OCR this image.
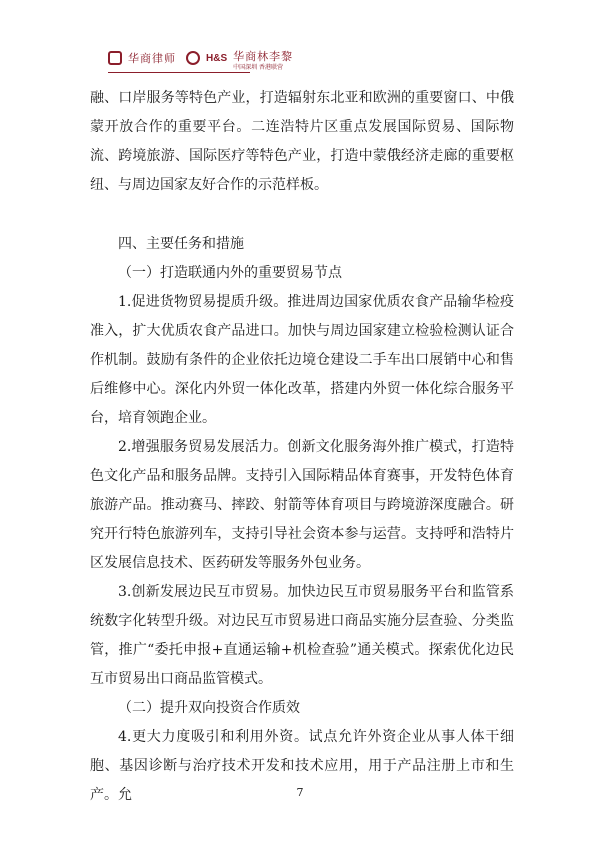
华商律师	H&S 华商林李黎
中国深圳 香港联营

融、口岸服务等特色产业，打造辐射东北亚和欧洲的重要窗口、中俄蒙开放合作的重要平台。二连浩特片区重点发展国际贸易、国际物流、跨境旅游、国际医疗等特色产业，打造中蒙俄经济走廊的重要枢纽、与周边国家友好合作的示范样板。

四、主要任务和措施

（一）打造联通内外的重要贸易节点

1.促进货物贸易提质升级。推进周边国家优质农食产品输华检疫准入，扩大优质农食产品进口。加快与周边国家建立检验检测认证合作机制。鼓励有条件的企业依托边境仓建设二手车出口展销中心和售后维修中心。深化内外贸一体化改革，搭建内外贸一体化综合服务平台，培育领跑企业。

2.增强服务贸易发展活力。创新文化服务海外推广模式，打造特色文化产品和服务品牌。支持引入国际精品体育赛事，开发特色体育旅游产品。推动赛马、摔跤、射箭等体育项目与跨境游深度融合。研究开行特色旅游列车，支持引导社会资本参与运营。支持呼和浩特片区发展信息技术、医药研发等服务外包业务。

3.创新发展边民互市贸易。加快边民互市贸易服务平台和监管系统数字化转型升级。对边民互市贸易进口商品实施分层查验、分类监管，推广“委托申报+直通运输+机检查验”通关模式。探索优化边民互市贸易出口商品监管模式。

（二）提升双向投资合作质效

4.更大力度吸引和利用外资。试点允许外资企业从事人体干细胞、基因诊断与治疗技术开发和技术应用，用于产品注册上市和生产。允	7
